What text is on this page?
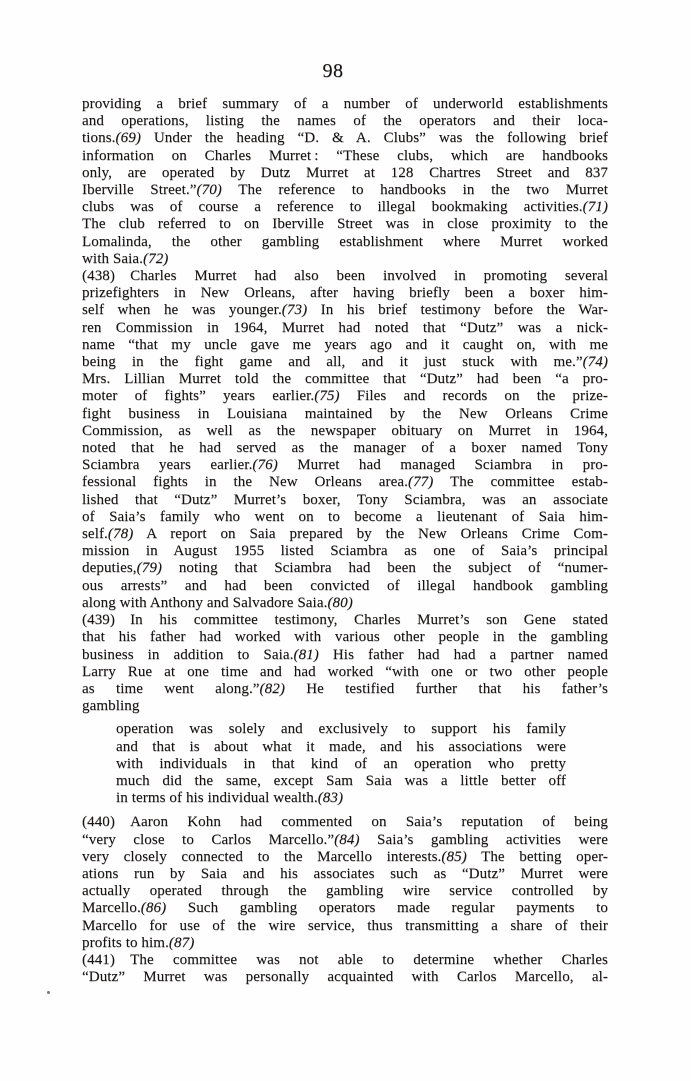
98
providing a brief summary of a number of underworld establishments
and operations, listing the names of the operators and their loca-
tions.(69) Under the heading “D. & A. Clubs” was the following brief
information on Charles Murret : “These clubs, which are handbooks
only, are operated by Dutz Murret at 128 Chartres Street and 837
Iberville Street.”(70) The reference to handbooks in the two Murret
clubs was of course a reference to illegal bookmaking activities.(71)
The club referred to on Iberville Street was in close proximity to the
Lomalinda, the other gambling establishment where Murret worked
with Saia.(72)
(438) Charles Murret had also been involved in promoting several
prizefighters in New Orleans, after having briefly been a boxer him-
self when he was younger.(73) In his brief testimony before the War-
ren Commission in 1964, Murret had noted that “Dutz” was a nick-
name “that my uncle gave me years ago and it caught on, with me
being in the fight game and all, and it just stuck with me.”(74)
Mrs. Lillian Murret told the committee that “Dutz” had been “a pro-
moter of fights” years earlier.(75) Files and records on the prize-
fight business in Louisiana maintained by the New Orleans Crime
Commission, as well as the newspaper obituary on Murret in 1964,
noted that he had served as the manager of a boxer named Tony
Sciambra years earlier.(76) Murret had managed Sciambra in pro-
fessional fights in the New Orleans area.(77) The committee estab-
lished that “Dutz” Murret’s boxer, Tony Sciambra, was an associate
of Saia’s family who went on to become a lieutenant of Saia him-
self.(78) A report on Saia prepared by the New Orleans Crime Com-
mission in August 1955 listed Sciambra as one of Saia’s principal
deputies,(79) noting that Sciambra had been the subject of “numer-
ous arrests” and had been convicted of illegal handbook gambling
along with Anthony and Salvadore Saia.(80)
(439) In his committee testimony, Charles Murret’s son Gene stated
that his father had worked with various other people in the gambling
business in addition to Saia.(81) His father had had a partner named
Larry Rue at one time and had worked “with one or two other people
as time went along.”(82) He testified further that his father’s
gambling
operation was solely and exclusively to support his family
and that is about what it made, and his associations were
with individuals in that kind of an operation who pretty
much did the same, except Sam Saia was a little better off
in terms of his individual wealth.(83)
(440) Aaron Kohn had commented on Saia’s reputation of being
“very close to Carlos Marcello.”(84) Saia’s gambling activities were
very closely connected to the Marcello interests.(85) The betting oper-
ations run by Saia and his associates such as “Dutz” Murret were
actually operated through the gambling wire service controlled by
Marcello.(86) Such gambling operators made regular payments to
Marcello for use of the wire service, thus transmitting a share of their
profits to him.(87)
(441) The committee was not able to determine whether Charles
“Dutz” Murret was personally acquainted with Carlos Marcello, al-
